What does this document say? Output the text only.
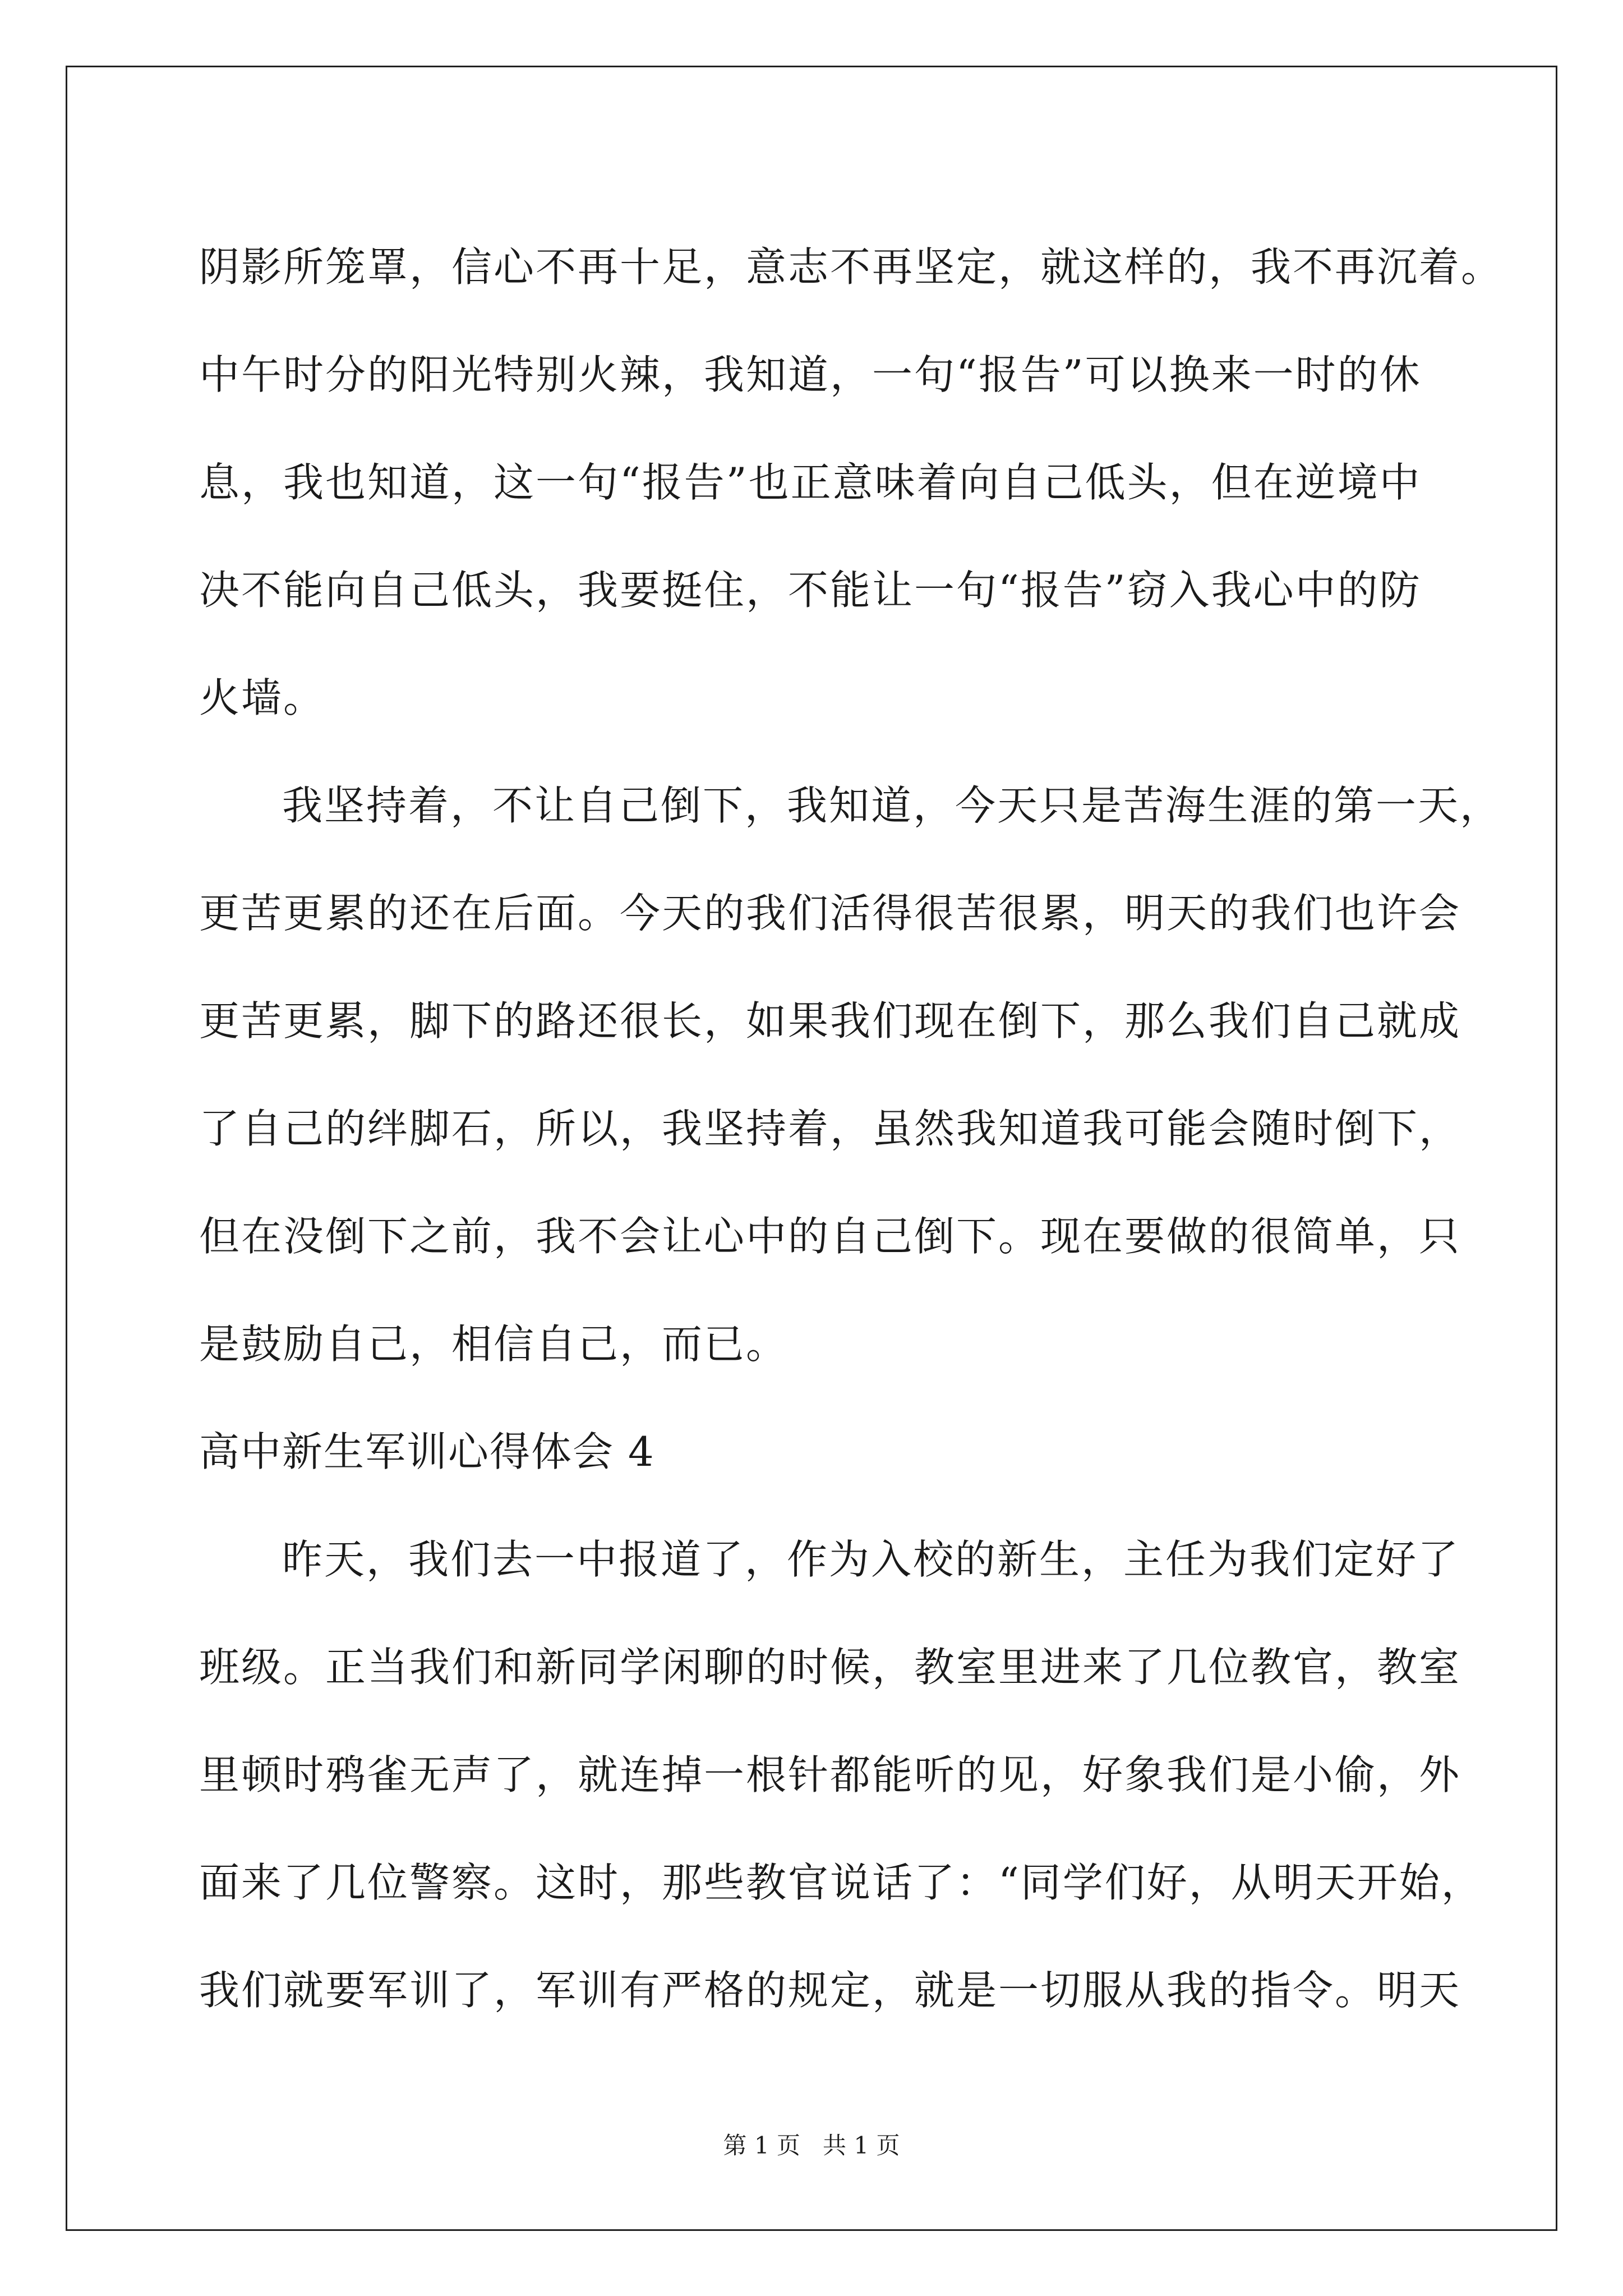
阴影所笼罩，信心不再十足，意志不再坚定，就这样的，我不再沉着。
中午时分的阳光特别火辣，我知道，一句“报告”可以换来一时的休
息，我也知道，这一句“报告”也正意味着向自己低头，但在逆境中
决不能向自己低头，我要挺住，不能让一句“报告”窃入我心中的防
火墙。
我坚持着，不让自己倒下，我知道，今天只是苦海生涯的第一天，
更苦更累的还在后面。今天的我们活得很苦很累，明天的我们也许会
更苦更累，脚下的路还很长，如果我们现在倒下，那么我们自己就成
了自己的绊脚石，所以，我坚持着，虽然我知道我可能会随时倒下，
但在没倒下之前，我不会让心中的自己倒下。现在要做的很简单，只
是鼓励自己，相信自己，而已。
高中新生军训心得体会 4
昨天，我们去一中报道了，作为入校的新生，主任为我们定好了
班级。正当我们和新同学闲聊的时候，教室里进来了几位教官，教室
里顿时鸦雀无声了，就连掉一根针都能听的见，好象我们是小偷，外
面来了几位警察。这时，那些教官说话了：“同学们好，从明天开始，
我们就要军训了，军训有严格的规定，就是一切服从我的指令。明天
第 1 页   共 1 页
